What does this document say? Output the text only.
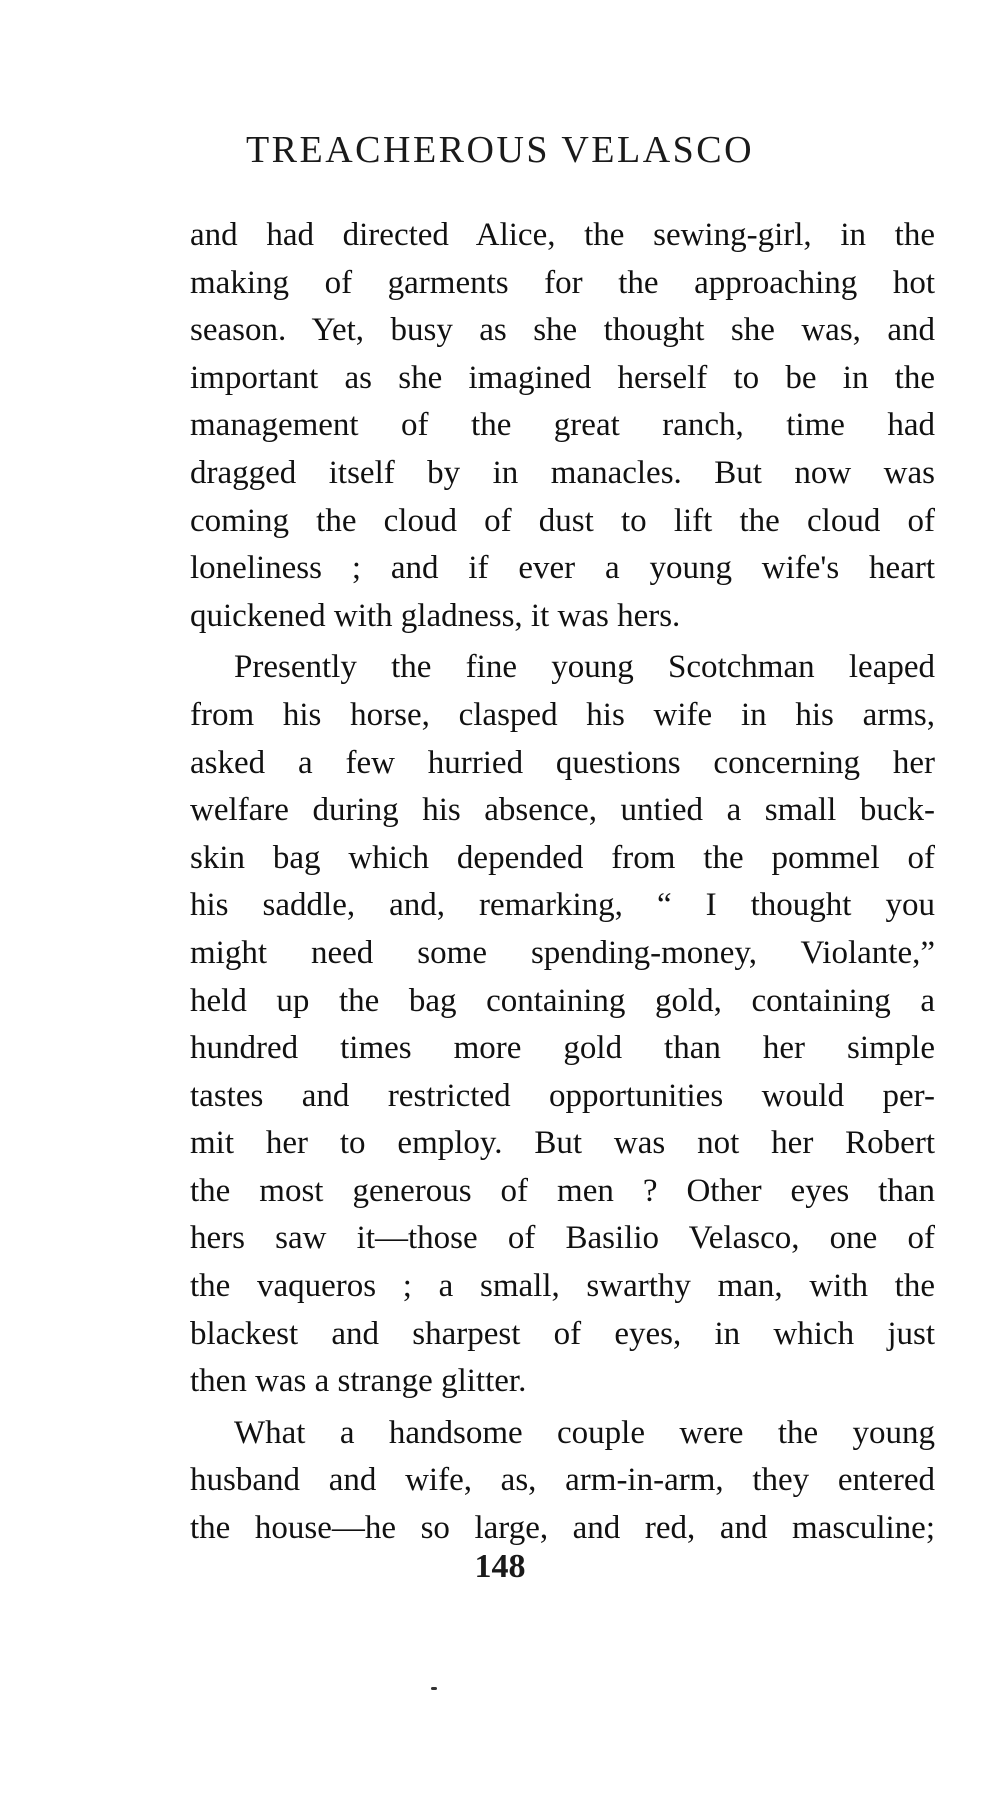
TREACHEROUS VELASCO
and had directed Alice, the sewing-girl, in the
making of garments for the approaching hot
season. Yet, busy as she thought she was, and
important as she imagined herself to be in the
management of the great ranch, time had
dragged itself by in manacles. But now was
coming the cloud of dust to lift the cloud of
loneliness ; and if ever a young wife's heart
quickened with gladness, it was hers.
Presently the fine young Scotchman leaped
from his horse, clasped his wife in his arms,
asked a few hurried questions concerning her
welfare during his absence, untied a small buck-
skin bag which depended from the pommel of
his saddle, and, remarking, “ I thought you
might need some spending-money, Violante,”
held up the bag containing gold, containing a
hundred times more gold than her simple
tastes and restricted opportunities would per-
mit her to employ. But was not her Robert
the most generous of men ? Other eyes than
hers saw it—those of Basilio Velasco, one of
the vaqueros ; a small, swarthy man, with the
blackest and sharpest of eyes, in which just
then was a strange glitter.
What a handsome couple were the young
husband and wife, as, arm-in-arm, they entered
the house—he so large, and red, and masculine;
148
